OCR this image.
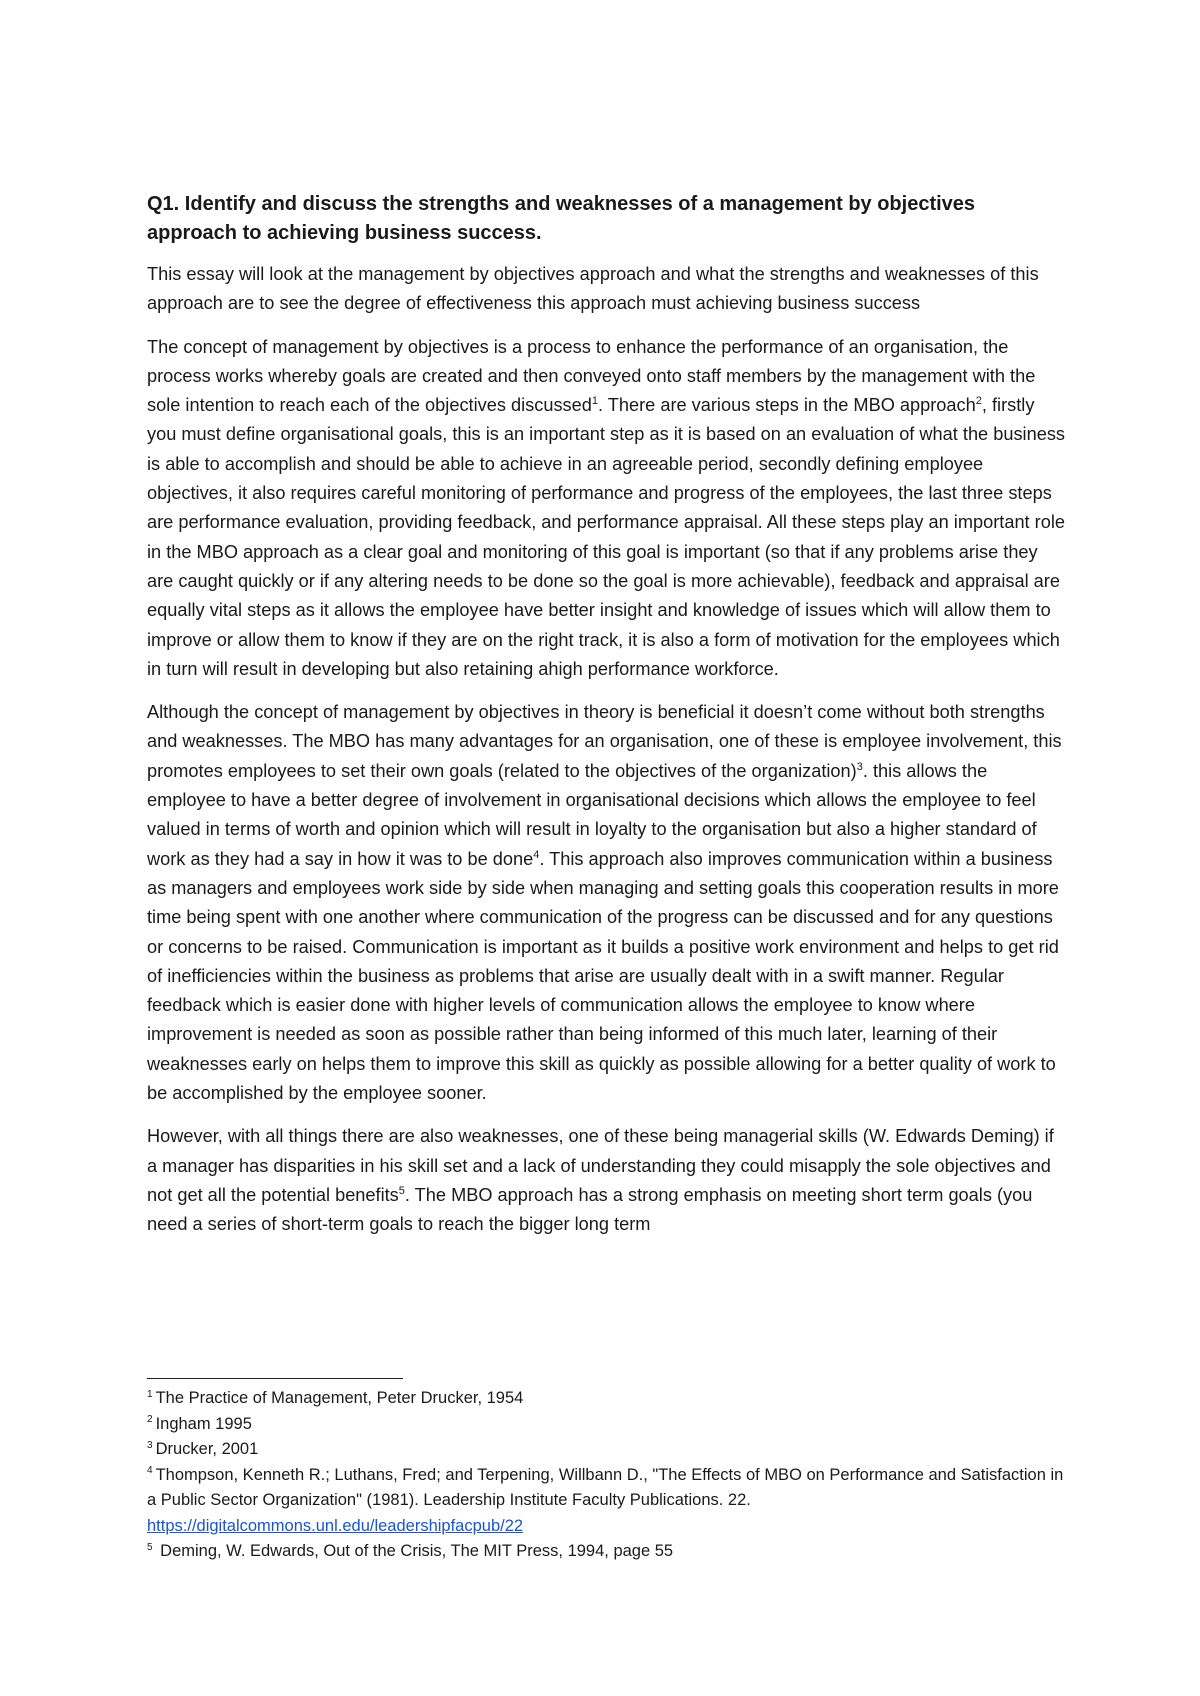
Q1. Identify and discuss the strengths and weaknesses of a management by objectives approach to achieving business success.

This essay will look at the management by objectives approach and what the strengths and weaknesses of this approach are to see the degree of effectiveness this approach must achieving business success

The concept of management by objectives is a process to enhance the performance of an organisation, the process works whereby goals are created and then conveyed onto staff members by the management with the sole intention to reach each of the objectives discussed$^1$. There are various steps in the MBO approach$^2$, firstly you must define organisational goals, this is an important step as it is based on an evaluation of what the business is able to accomplish and should be able to achieve in an agreeable period, secondly defining employee objectives, it also requires careful monitoring of performance and progress of the employees, the last three steps are performance evaluation, providing feedback, and performance appraisal. All these steps play an important role in the MBO approach as a clear goal and monitoring of this goal is important (so that if any problems arise they are caught quickly or if any altering needs to be done so the goal is more achievable), feedback and appraisal are equally vital steps as it allows the employee have better insight and knowledge of issues which will allow them to improve or allow them to know if they are on the right track, it is also a form of motivation for the employees which in turn will result in developing but also retaining ahigh performance workforce.

Although the concept of management by objectives in theory is beneficial it doesn’t come without both strengths and weaknesses. The MBO has many advantages for an organisation, one of these is employee involvement, this promotes employees to set their own goals (related to the objectives of the organization)$^3$. this allows the employee to have a better degree of involvement in organisational decisions which allows the employee to feel valued in terms of worth and opinion which will result in loyalty to the organisation but also a higher standard of work as they had a say in how it was to be done$^4$. This approach also improves communication within a business as managers and employees work side by side when managing and setting goals this cooperation results in more time being spent with one another where communication of the progress can be discussed and for any questions or concerns to be raised. Communication is important as it builds a positive work environment and helps to get rid of inefficiencies within the business as problems that arise are usually dealt with in a swift manner. Regular feedback which is easier done with higher levels of communication allows the employee to know where improvement is needed as soon as possible rather than being informed of this much later, learning of their weaknesses early on helps them to improve this skill as quickly as possible allowing for a better quality of work to be accomplished by the employee sooner.

However, with all things there are also weaknesses, one of these being managerial skills (W. Edwards Deming) if a manager has disparities in his skill set and a lack of understanding they could misapply the sole objectives and not get all the potential benefits$^5$. The MBO approach has a strong emphasis on meeting short term goals (you need a series of short-term goals to reach the bigger long term

$^1$ The Practice of Management, Peter Drucker, 1954

$^2$ Ingham 1995

$^3$ Drucker, 2001

$^4$ Thompson, Kenneth R.; Luthans, Fred; and Terpening, Willbann D., "The Effects of MBO on Performance and Satisfaction in a Public Sector Organization" (1981). Leadership Institute Faculty Publications. 22.
https://digitalcommons.unl.edu/leadershipfacpub/22

$^5$ Deming, W. Edwards, Out of the Crisis, The MIT Press, 1994, page 55
